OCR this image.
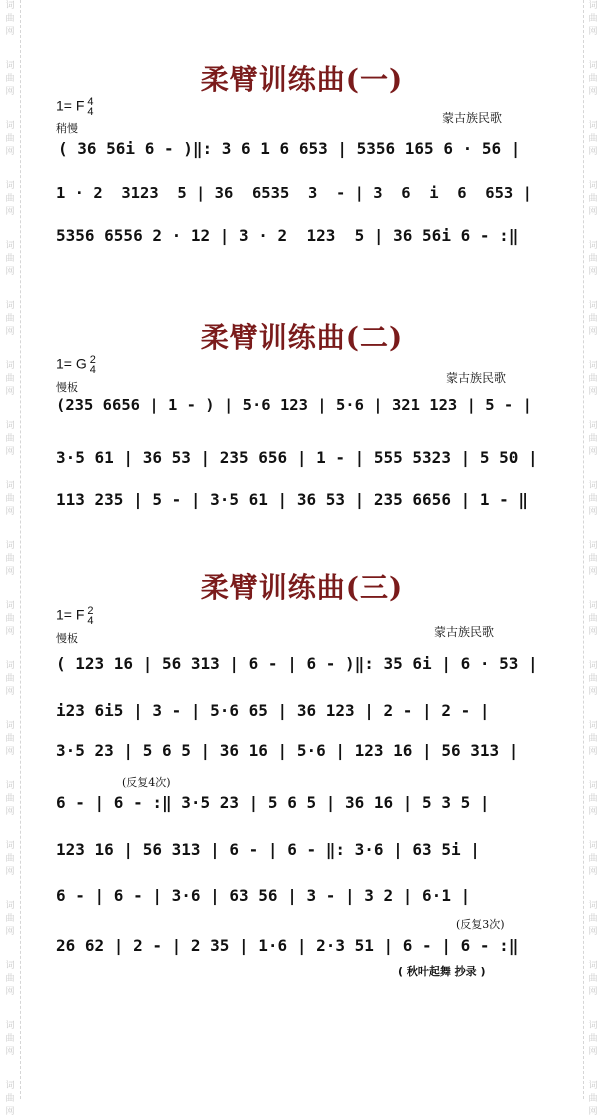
词
曲
网
词
曲
网
词
曲
网
词
曲
网
词
曲
网
词
曲
网
词
曲
网
词
曲
网
词
曲
网
词
曲
网
词
曲
网
词
曲
网
词
曲
网
词
曲
网
词
曲
网
词
曲
网
词
曲
网
词
曲
网
词
曲
网
词
曲
网
词
曲
网
词
曲
网
词
曲
网
词
曲
网
词
曲
网
词
曲
网
词
曲
网
词
曲
网
词
曲
网
词
曲
网
词
曲
网
词
曲
网
词
曲
网
词
曲
网
词
曲
网
词
曲
网
词
曲
网
词
曲
网
柔臂训练曲(一)
1= F 4
4
稍慢
蒙古族民歌
( 36 56i 6 - )‖: 3 6 1 6 653 | 5356 165 6 · 56 |
1 · 2  3123  5 | 36  6535  3  - | 3  6  i  6  653 |
5356 6556 2 · 12 | 3 · 2  123  5 | 36 56i 6 - :‖
柔臂训练曲(二)
1= G 2
4
慢板
蒙古族民歌
(235 6656 | 1 - ) | 5·6 123 | 5·6 | 321 123 | 5 - |
3·5 61 | 36 53 | 235 656 | 1 - | 555 5323 | 5 50 |
113 235 | 5 - | 3·5 61 | 36 53 | 235 6656 | 1 - ‖
柔臂训练曲(三)
1= F 2
4
慢板	蒙古族民歌
( 123 16 | 56 313 | 6 - | 6 - )‖: 35 6i | 6 · 53 |
i23 6i5 | 3 - | 5·6 65 | 36 123 | 2 - | 2 - |
3·5 23 | 5 6 5 | 36 16 | 5·6 | 123 16 | 56 313 |
(反复4次)
6 - | 6 - :‖ 3·5 23 | 5 6 5 | 36 16 | 5 3 5 |
123 16 | 56 313 | 6 - | 6 - ‖: 3·6 | 63 5i |
6 - | 6 - | 3·6 | 63 56 | 3 - | 3 2 | 6·1 |
(反复3次)
26 62 | 2 - | 2 35 | 1·6 | 2·3 51 | 6 - | 6 - :‖
( 秋叶起舞 抄录 )
